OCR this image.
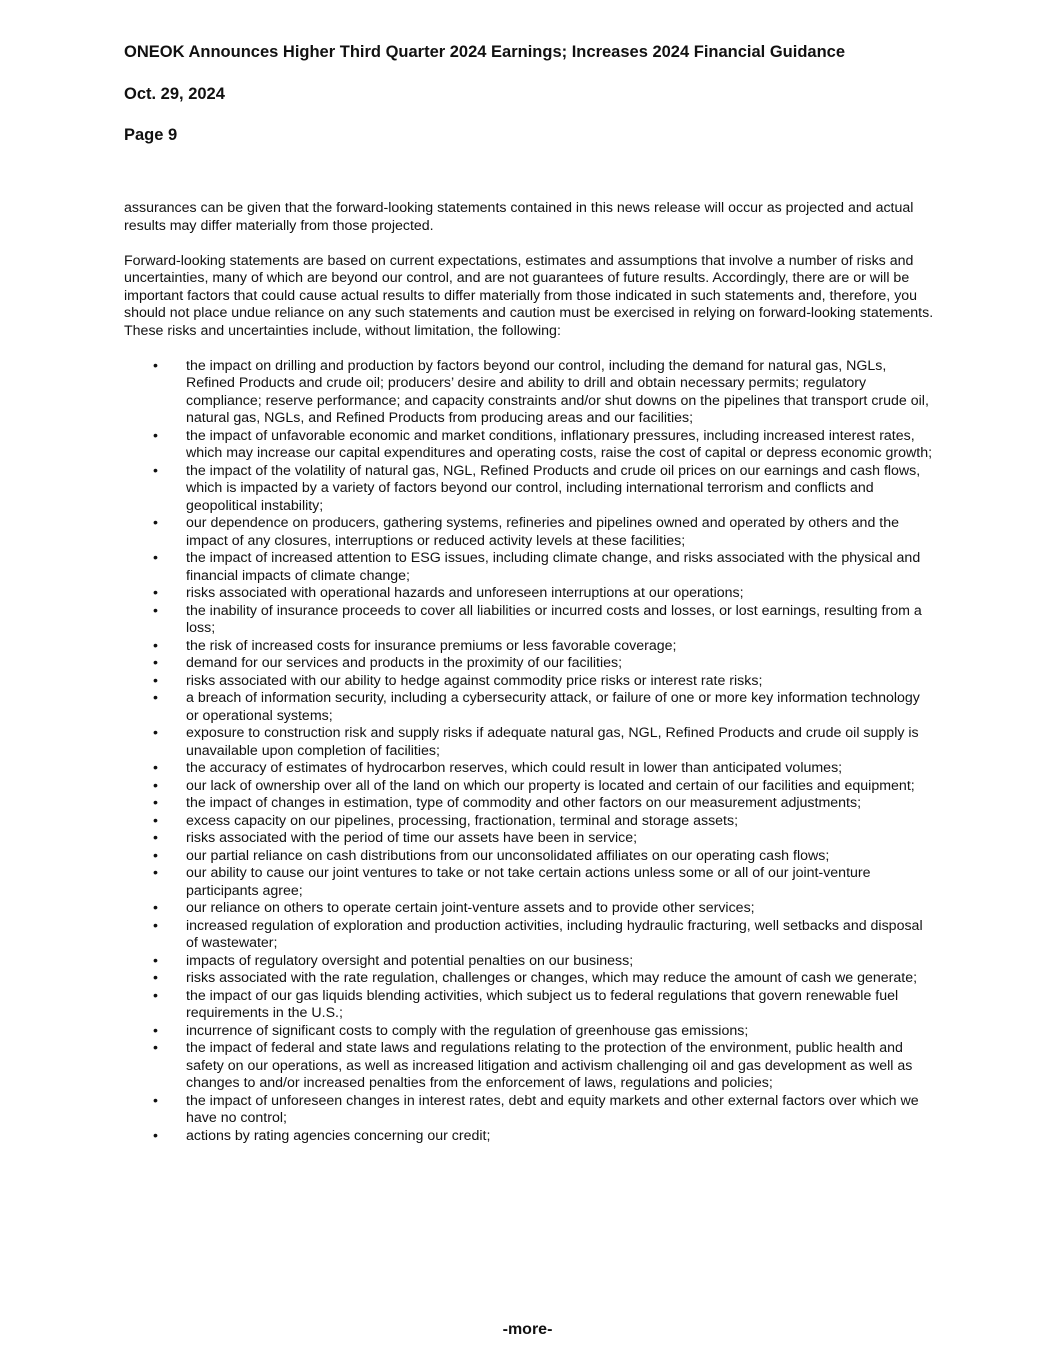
ONEOK Announces Higher Third Quarter 2024 Earnings; Increases 2024 Financial Guidance
Oct. 29, 2024
Page 9

assurances can be given that the forward-looking statements contained in this news release will occur as projected and actual results may differ materially from those projected.

Forward-looking statements are based on current expectations, estimates and assumptions that involve a number of risks and uncertainties, many of which are beyond our control, and are not guarantees of future results. Accordingly, there are or will be important factors that could cause actual results to differ materially from those indicated in such statements and, therefore, you should not place undue reliance on any such statements and caution must be exercised in relying on forward-looking statements. These risks and uncertainties include, without limitation, the following:

• the impact on drilling and production by factors beyond our control, including the demand for natural gas, NGLs, Refined Products and crude oil; producers’ desire and ability to drill and obtain necessary permits; regulatory compliance; reserve performance; and capacity constraints and/or shut downs on the pipelines that transport crude oil, natural gas, NGLs, and Refined Products from producing areas and our facilities;
• the impact of unfavorable economic and market conditions, inflationary pressures, including increased interest rates, which may increase our capital expenditures and operating costs, raise the cost of capital or depress economic growth;
• the impact of the volatility of natural gas, NGL, Refined Products and crude oil prices on our earnings and cash flows, which is impacted by a variety of factors beyond our control, including international terrorism and conflicts and geopolitical instability;
• our dependence on producers, gathering systems, refineries and pipelines owned and operated by others and the impact of any closures, interruptions or reduced activity levels at these facilities;
• the impact of increased attention to ESG issues, including climate change, and risks associated with the physical and financial impacts of climate change;
• risks associated with operational hazards and unforeseen interruptions at our operations;
• the inability of insurance proceeds to cover all liabilities or incurred costs and losses, or lost earnings, resulting from a loss;
• the risk of increased costs for insurance premiums or less favorable coverage;
• demand for our services and products in the proximity of our facilities;
• risks associated with our ability to hedge against commodity price risks or interest rate risks;
• a breach of information security, including a cybersecurity attack, or failure of one or more key information technology or operational systems;
• exposure to construction risk and supply risks if adequate natural gas, NGL, Refined Products and crude oil supply is unavailable upon completion of facilities;
• the accuracy of estimates of hydrocarbon reserves, which could result in lower than anticipated volumes;
• our lack of ownership over all of the land on which our property is located and certain of our facilities and equipment;
• the impact of changes in estimation, type of commodity and other factors on our measurement adjustments;
• excess capacity on our pipelines, processing, fractionation, terminal and storage assets;
• risks associated with the period of time our assets have been in service;
• our partial reliance on cash distributions from our unconsolidated affiliates on our operating cash flows;
• our ability to cause our joint ventures to take or not take certain actions unless some or all of our joint-venture participants agree;
• our reliance on others to operate certain joint-venture assets and to provide other services;
• increased regulation of exploration and production activities, including hydraulic fracturing, well setbacks and disposal of wastewater;
• impacts of regulatory oversight and potential penalties on our business;
• risks associated with the rate regulation, challenges or changes, which may reduce the amount of cash we generate;
• the impact of our gas liquids blending activities, which subject us to federal regulations that govern renewable fuel requirements in the U.S.;
• incurrence of significant costs to comply with the regulation of greenhouse gas emissions;
• the impact of federal and state laws and regulations relating to the protection of the environment, public health and safety on our operations, as well as increased litigation and activism challenging oil and gas development as well as changes to and/or increased penalties from the enforcement of laws, regulations and policies;
• the impact of unforeseen changes in interest rates, debt and equity markets and other external factors over which we have no control;
• actions by rating agencies concerning our credit;
-more-
